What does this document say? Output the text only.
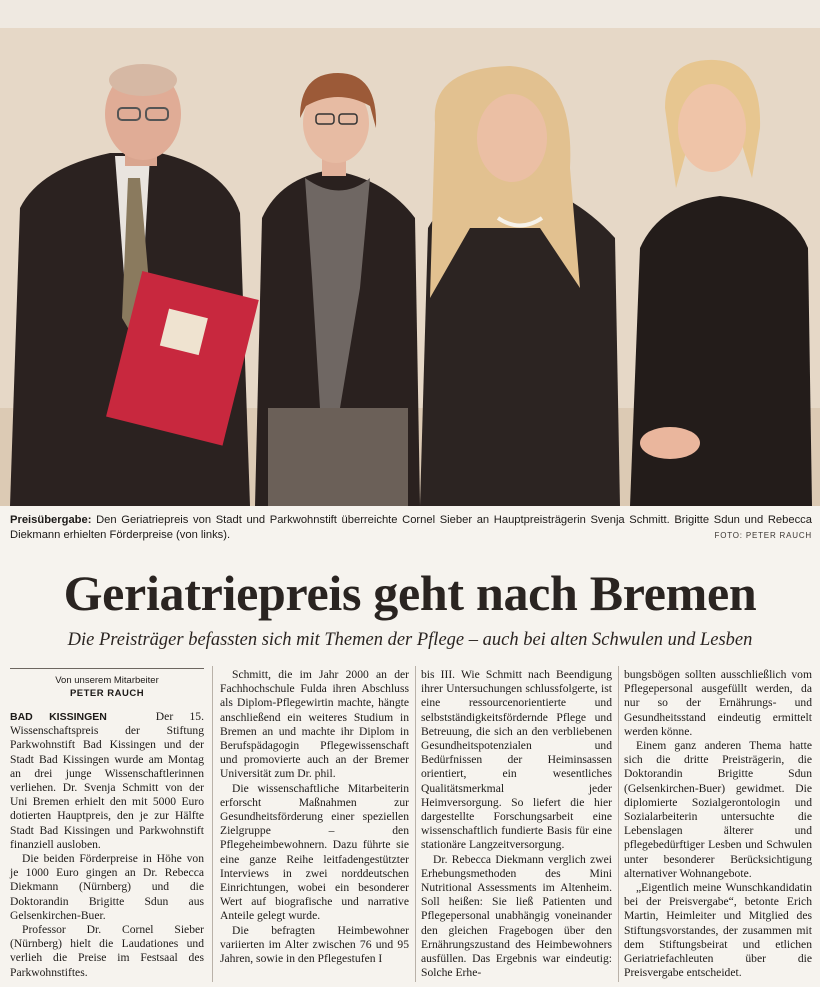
Preisübergabe: Den Geriatriepreis von Stadt und Parkwohnstift überreichte Cornel Sieber an Hauptpreisträgerin Svenja Schmitt. Brigitte Sdun und Rebecca Diekmann erhielten Förderpreise (von links).	FOTO: PETER RAUCH
Geriatriepreis geht nach Bremen
Die Preisträger befassten sich mit Themen der Pflege – auch bei alten Schwulen und Lesben
Von unserem Mitarbeiter
PETER RAUCH

BAD KISSINGEN	Der 15. Wissenschaftspreis der Stiftung Parkwohnstift Bad Kissingen und der Stadt Bad Kissingen wurde am Montag an drei junge Wissenschaftlerinnen verliehen. Dr. Svenja Schmitt von der Uni Bremen erhielt den mit 5000 Euro dotierten Hauptpreis, den je zur Hälfte Stadt Bad Kissingen und Parkwohnstift finanziell ausloben.

Die beiden Förderpreise in Höhe von je 1000 Euro gingen an Dr. Rebecca Diekmann (Nürnberg) und die Doktorandin Brigitte Sdun aus Gelsenkirchen-Buer.

Professor Dr. Cornel Sieber (Nürnberg) hielt die Laudationes und verlieh die Preise im Festsaal des Parkwohnstiftes.

Schmitt, die im Jahr 2000 an der Fachhochschule Fulda ihren Abschluss als Diplom-Pflegewirtin machte, hängte anschließend ein weiteres Studium in Bremen an und machte ihr Diplom in Berufspädagogin Pflegewissenschaft und promovierte auch an der Bremer Universität zum Dr. phil.

Die wissenschaftliche Mitarbeiterin erforscht Maßnahmen zur Gesundheitsförderung einer speziellen Zielgruppe – den Pflegeheimbewohnern. Dazu führte sie eine ganze Reihe leitfadengestützter Interviews in zwei norddeutschen Einrichtungen, wobei ein besonderer Wert auf biografische und narrative Anteile gelegt wurde.

Die befragten Heimbewohner variierten im Alter zwischen 76 und 95 Jahren, sowie in den Pflegestufen I

bis III. Wie Schmitt nach Beendigung ihrer Untersuchungen schlussfolgerte, ist eine ressourcenorientierte und selbstständigkeitsfördernde Pflege und Betreuung, die sich an den verbliebenen Gesundheitspotenzialen und Bedürfnissen der Heiminsassen orientiert, ein wesentliches Qualitätsmerkmal jeder Heimversorgung. So liefert die hier dargestellte Forschungsarbeit eine wissenschaftlich fundierte Basis für eine stationäre Langzeitversorgung.

Dr. Rebecca Diekmann verglich zwei Erhebungsmethoden des Mini Nutritional Assessments im Altenheim. Soll heißen: Sie ließ Patienten und Pflegepersonal unabhängig voneinander den gleichen Fragebogen über den Ernährungszustand des Heimbewohners ausfüllen. Das Ergebnis war eindeutig: Solche Erhe-

bungsbögen sollten ausschließlich vom Pflegepersonal ausgefüllt werden, da nur so der Ernährungs- und Gesundheitsstand eindeutig ermittelt werden könne.

Einem ganz anderen Thema hatte sich die dritte Preisträgerin, die Doktorandin Brigitte Sdun (Gelsenkirchen-Buer) gewidmet. Die diplomierte Sozialgerontologin und Sozialarbeiterin untersuchte die Lebenslagen älterer und pflegebedürftiger Lesben und Schwulen unter besonderer Berücksichtigung alternativer Wohnangebote.

„Eigentlich meine Wunschkandidatin bei der Preisvergabe“, betonte Erich Martin, Heimleiter und Mitglied des Stiftungsvorstandes, der zusammen mit dem Stiftungsbeirat und etlichen Geriatriefachleuten über die Preisvergabe entscheidet.
